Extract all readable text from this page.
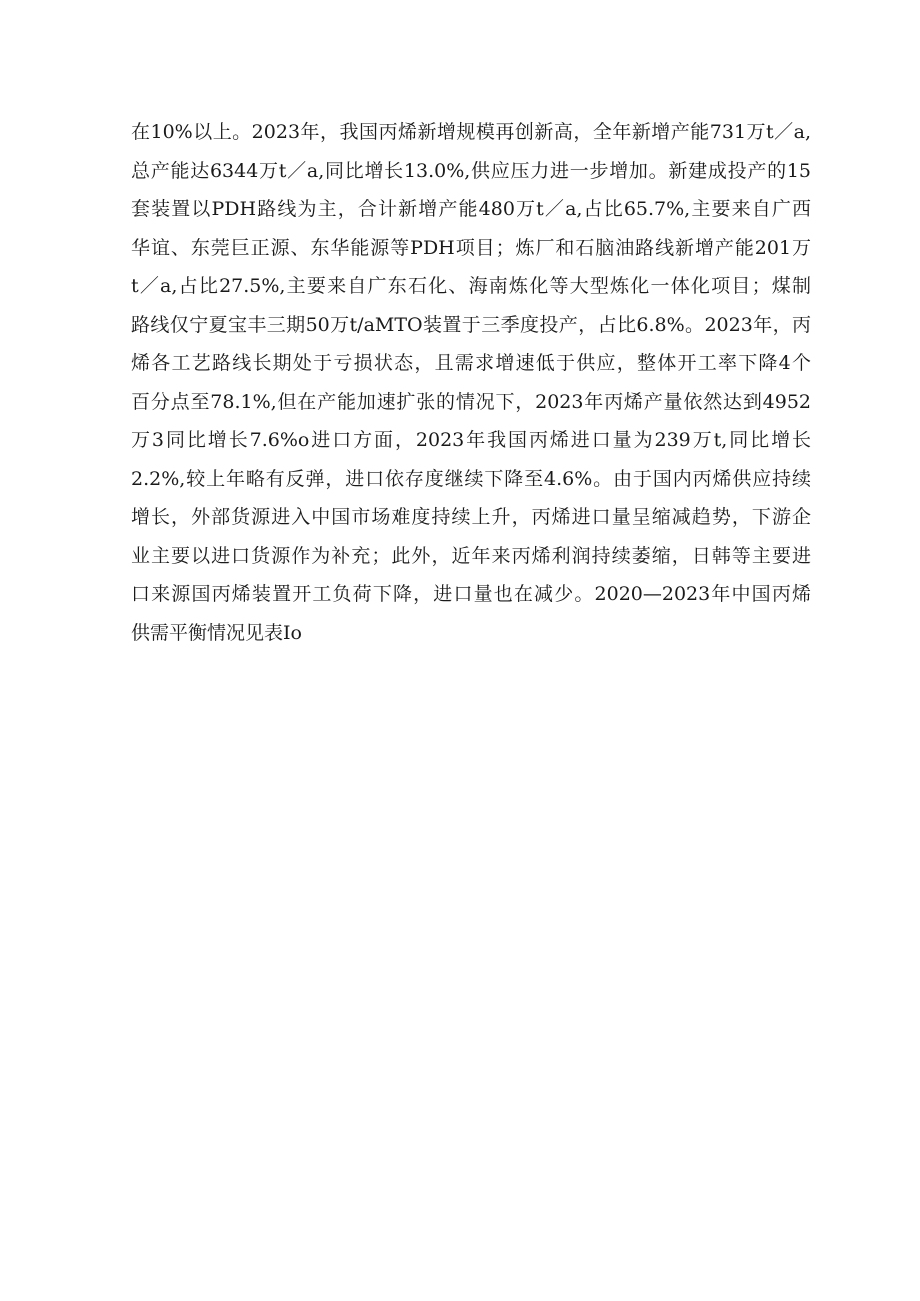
在10%以上。2023年，我国丙烯新增规模再创新高，全年新增产能731万t／a,
总产能达6344万t／a,同比增长13.0%,供应压力进一步增加。新建成投产的15
套装置以PDH路线为主，合计新增产能480万t／a,占比65.7%,主要来自广西
华谊、东莞巨正源、东华能源等PDH项目；炼厂和石脑油路线新增产能201万
t／a,占比27.5%,主要来自广东石化、海南炼化等大型炼化一体化项目；煤制
路线仅宁夏宝丰三期50万t/aMTO装置于三季度投产，占比6.8%。2023年，丙
烯各工艺路线长期处于亏损状态，且需求增速低于供应，整体开工率下降4个
百分点至78.1%,但在产能加速扩张的情况下，2023年丙烯产量依然达到4952
万3同比增长7.6%o进口方面，2023年我国丙烯进口量为239万t,同比增长
2.2%,较上年略有反弹，进口依存度继续下降至4.6%。由于国内丙烯供应持续
增长，外部货源进入中国市场难度持续上升，丙烯进口量呈缩减趋势，下游企
业主要以进口货源作为补充；此外，近年来丙烯利润持续萎缩，日韩等主要进
口来源国丙烯装置开工负荷下降，进口量也在减少。2020—2023年中国丙烯
供需平衡情况见表Io
